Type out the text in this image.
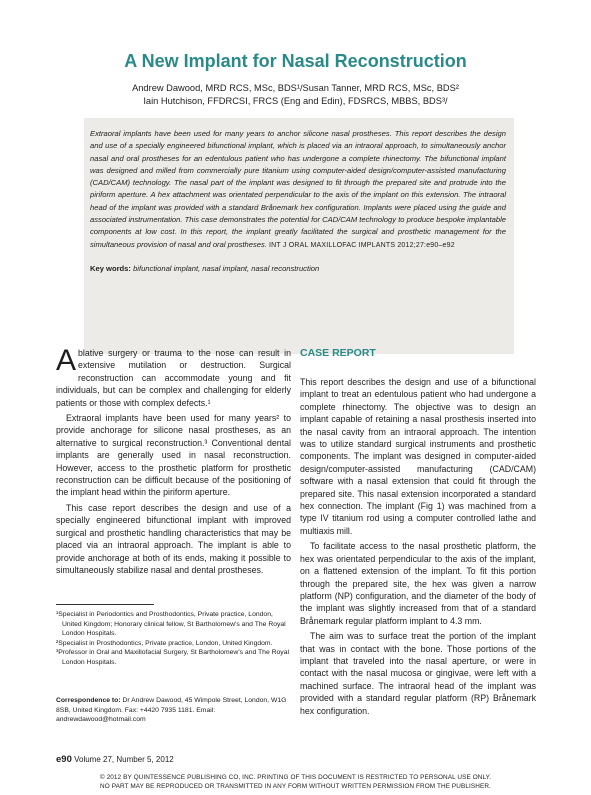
A New Implant for Nasal Reconstruction
Andrew Dawood, MRD RCS, MSc, BDS¹/Susan Tanner, MRD RCS, MSc, BDS²
Iain Hutchison, FFDRCSI, FRCS (Eng and Edin), FDSRCS, MBBS, BDS³/

Extraoral implants have been used for many years to anchor silicone nasal prostheses. This report describes the design and use of a specially engineered bifunctional implant, which is placed via an intraoral approach, to simultaneously anchor nasal and oral prostheses for an edentulous patient who has undergone a complete rhinectomy. The bifunctional implant was designed and milled from commercially pure titanium using computer-aided design/computer-assisted manufacturing (CAD/CAM) technology. The nasal part of the implant was designed to fit through the prepared site and protrude into the piriform aperture. A hex attachment was orientated perpendicular to the axis of the implant on this extension. The intraoral head of the implant was provided with a standard Brånemark hex configuration. Implants were placed using the guide and associated instrumentation. This case demonstrates the potential for CAD/CAM technology to produce bespoke implantable components at low cost. In this report, the implant greatly facilitated the surgical and prosthetic management for the simultaneous provision of nasal and oral prostheses. INT J ORAL MAXILLOFAC IMPLANTS 2012;27:e90–e92

Key words: bifunctional implant, nasal implant, nasal reconstruction

Ablative surgery or trauma to the nose can result in extensive mutilation or destruction. Surgical reconstruction can accommodate young and fit individuals, but can be complex and challenging for elderly patients or those with complex defects.¹

Extraoral implants have been used for many years² to provide anchorage for silicone nasal prostheses, as an alternative to surgical reconstruction.³ Conventional dental implants are generally used in nasal reconstruction. However, access to the prosthetic platform for prosthetic reconstruction can be difficult because of the positioning of the implant head within the piriform aperture.

This case report describes the design and use of a specially engineered bifunctional implant with improved surgical and prosthetic handling characteristics that may be placed via an intraoral approach. The implant is able to provide anchorage at both of its ends, making it possible to simultaneously stabilize nasal and dental prostheses.

¹Specialist in Periodontics and Prosthodontics, Private practice, London, United Kingdom; Honorary clinical fellow, St Bartholomew's and The Royal London Hospitals.

²Specialist in Prosthodontics, Private practice, London, United Kingdom.

³Professor in Oral and Maxillofacial Surgery, St Bartholomew's and The Royal London Hospitals.

Correspondence to: Dr Andrew Dawood, 45 Wimpole Street, London, W1G 8SB, United Kingdom. Fax: +4420 7935 1181. Email: andrewdawood@hotmail.com
CASE REPORT

This report describes the design and use of a bifunctional implant to treat an edentulous patient who had undergone a complete rhinectomy. The objective was to design an implant capable of retaining a nasal prosthesis inserted into the nasal cavity from an intraoral approach. The intention was to utilize standard surgical instruments and prosthetic components. The implant was designed in computer-aided design/computer-assisted manufacturing (CAD/CAM) software with a nasal extension that could fit through the prepared site. This nasal extension incorporated a standard hex connection. The implant (Fig 1) was machined from a type IV titanium rod using a computer controlled lathe and multiaxis mill.

To facilitate access to the nasal prosthetic platform, the hex was orientated perpendicular to the axis of the implant, on a flattened extension of the implant. To fit this portion through the prepared site, the hex was given a narrow platform (NP) configuration, and the diameter of the body of the implant was slightly increased from that of a standard Brånemark regular platform implant to 4.3 mm.

The aim was to surface treat the portion of the implant that was in contact with the bone. Those portions of the implant that traveled into the nasal aperture, or were in contact with the nasal mucosa or gingivae, were left with a machined surface. The intraoral head of the implant was provided with a standard regular platform (RP) Brånemark hex configuration.

e90 Volume 27, Number 5, 2012
© 2012 BY QUINTESSENCE PUBLISHING CO, INC. PRINTING OF THIS DOCUMENT IS RESTRICTED TO PERSONAL USE ONLY.
NO PART MAY BE REPRODUCED OR TRANSMITTED IN ANY FORM WITHOUT WRITTEN PERMISSION FROM THE PUBLISHER.
